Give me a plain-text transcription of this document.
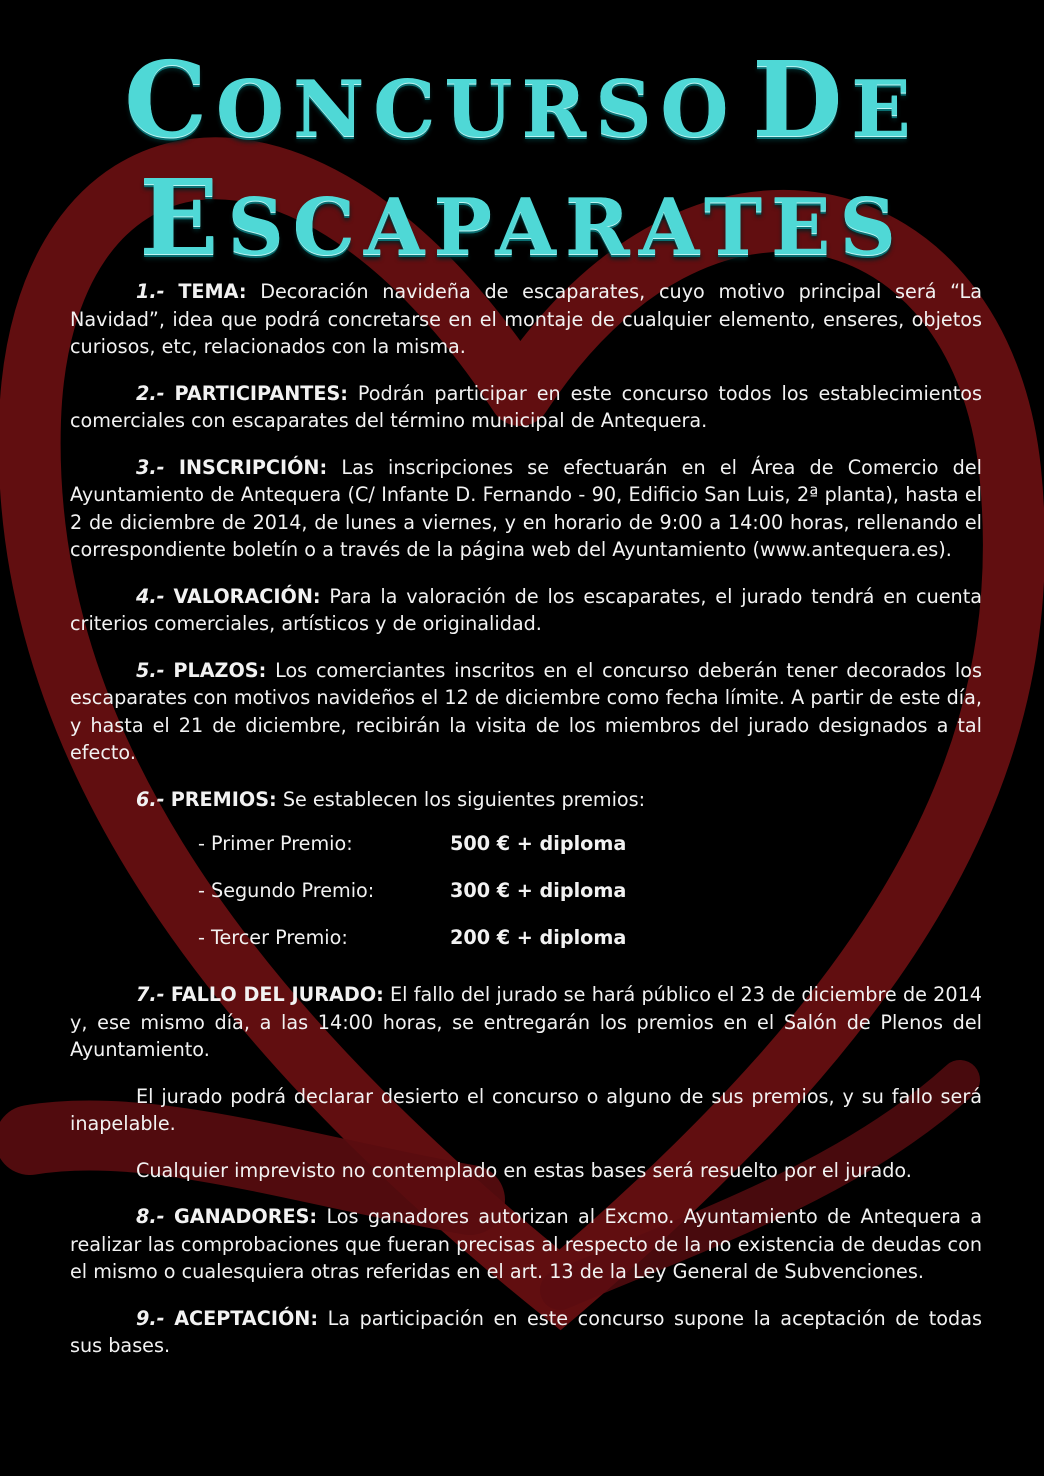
CONCURSO DE
ESCAPARATES

1.- TEMA: Decoración navideña de escaparates, cuyo motivo principal será “La Navidad”, idea que podrá concretarse en el montaje de cualquier elemento, enseres, objetos curiosos, etc, relacionados con la misma.

2.- PARTICIPANTES: Podrán participar en este concurso todos los establecimientos comerciales con escaparates del término municipal de Antequera.

3.- INSCRIPCIÓN: Las inscripciones se efectuarán en el Área de Comercio del Ayuntamiento de Antequera (C/ Infante D. Fernando - 90, Edificio San Luis, 2ª planta), hasta el 2 de diciembre de 2014, de lunes a viernes, y en horario de 9:00 a 14:00 horas, rellenando el correspondiente boletín o a través de la página web del Ayuntamiento (www.antequera.es).

4.- VALORACIÓN: Para la valoración de los escaparates, el jurado tendrá en cuenta criterios comerciales, artísticos y de originalidad.

5.- PLAZOS: Los comerciantes inscritos en el concurso deberán tener decorados los escaparates con motivos navideños el 12 de diciembre como fecha límite. A partir de este día, y hasta el 21 de diciembre, recibirán la visita de los miembros del jurado designados a tal efecto.

6.- PREMIOS: Se establecen los siguientes premios:

- Primer Premio:	500 € + diploma
- Segundo Premio:	300 € + diploma
- Tercer Premio:	200 € + diploma

7.- FALLO DEL JURADO: El fallo del jurado se hará público el 23 de diciembre de 2014 y, ese mismo día, a las 14:00 horas, se entregarán los premios en el Salón de Plenos del Ayuntamiento.

El jurado podrá declarar desierto el concurso o alguno de sus premios, y su fallo será inapelable.

Cualquier imprevisto no contemplado en estas bases será resuelto por el jurado.

8.- GANADORES: Los ganadores autorizan al Excmo. Ayuntamiento de Antequera a realizar las comprobaciones que fueran precisas al respecto de la no existencia de deudas con el mismo o cualesquiera otras referidas en el art. 13 de la Ley General de Subvenciones.

9.- ACEPTACIÓN: La participación en este concurso supone la aceptación de todas sus bases.
